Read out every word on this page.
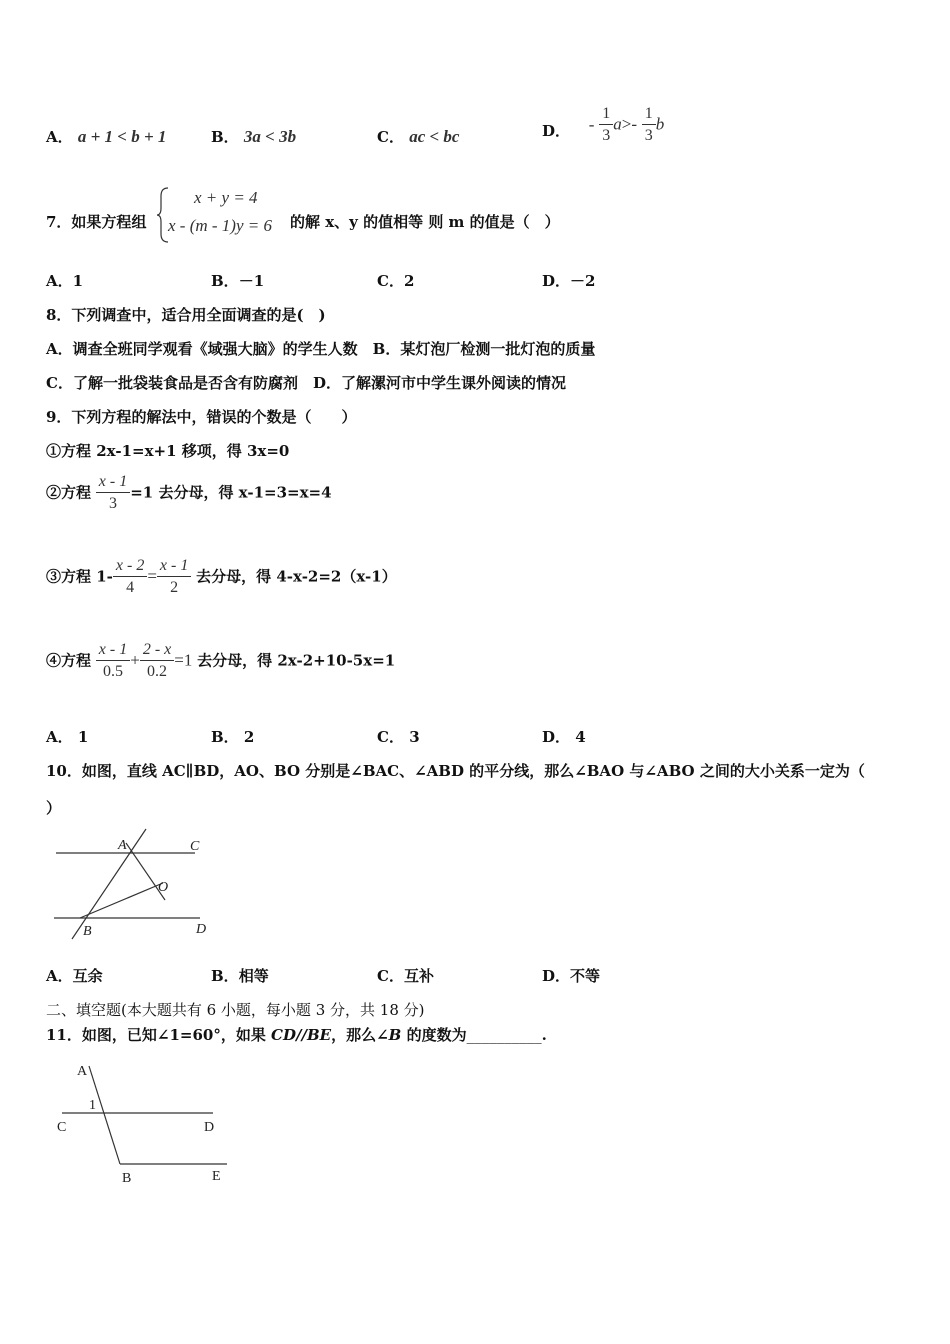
A． a + 1 < b + 1	B． 3a < 3b	C． ac < bc	D． - $\frac{1}{3} a>- \frac{1}{3}$ b
7．如果方程组
x + y = 4
x - (m - 1)y = 6 的解 x、y 的值相等 则 m 的值是（　）
A．1	B．－1	C．2	D．－2
8．下列调查中，适合用全面调查的是(　)
A．调查全班同学观看《域强大脑》的学生人数　B．某灯泡厂检测一批灯泡的质量
C．了解一批袋装食品是否含有防腐剂　D．了解漯河市中学生课外阅读的情况
9．下列方程的解法中，错误的个数是（　　）
①方程 2x-1=x+1 移项，得 3x=0
②方程 $\frac{x - 1}{3} =1$ 去分母，得 x-1=3=x=4
③方程 $1- \frac{x - 2}{4} = \frac{x - 1}{2}$ 去分母，得 4-x-2=2（x-1）
④方程 $\frac{x - 1}{0.5} + \frac{2 - x}{0.2} =1$ 去分母，得 2x-2+10-5x=1
A． 1	B． 2	C． 3	D． 4
10．如图，直线 AC∥BD，AO、BO 分别是∠BAC、∠ABD 的平分线，那么∠BAO 与∠ABO 之间的大小关系一定为（
）
A	C
O
B	D
A．互余	B．相等	C．互补	D．不等
二、填空题(本大题共有 6 小题，每小题 3 分，共 18 分)
11．如图，已知∠1=60°，如果 CD//BE，那么∠B 的度数为__________.
A
1
C	D
B	E
